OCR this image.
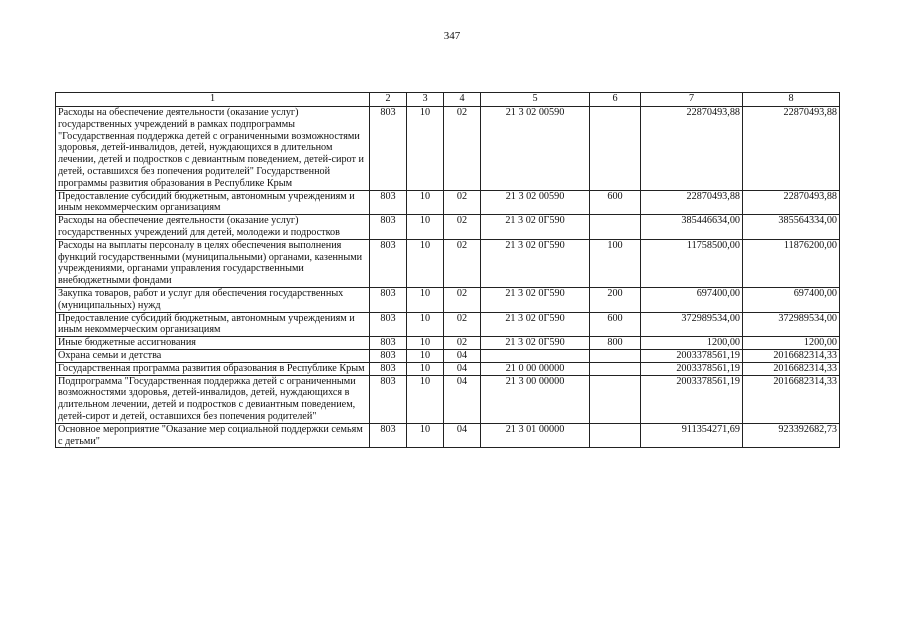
347
1	2	3	4	5	6	7	8
Расходы на обеспечение деятельности (оказание услуг) государственных учреждений в рамках подпрограммы "Государственная поддержка детей с ограниченными возможностями здоровья, детей-инвалидов, детей, нуждающихся в длительном лечении, детей и подростков с девиантным поведением, детей-сирот и детей, оставшихся без попечения родителей" Государственной программы развития образования в Республике Крым	803	10	02	21 3 02 00590		22870493,88	22870493,88
Предоставление субсидий бюджетным, автономным учреждениям и иным некоммерческим организациям	803	10	02	21 3 02 00590	600	22870493,88	22870493,88
Расходы на обеспечение деятельности (оказание услуг) государственных учреждений для детей, молодежи и подростков	803	10	02	21 3 02 0Г590		385446634,00	385564334,00
Расходы на выплаты персоналу в целях обеспечения выполнения функций государственными (муниципальными) органами, казенными учреждениями, органами управления государственными внебюджетными фондами	803	10	02	21 3 02 0Г590	100	11758500,00	11876200,00
Закупка товаров, работ и услуг для обеспечения государственных (муниципальных) нужд	803	10	02	21 3 02 0Г590	200	697400,00	697400,00
Предоставление субсидий бюджетным, автономным учреждениям и иным некоммерческим организациям	803	10	02	21 3 02 0Г590	600	372989534,00	372989534,00
Иные бюджетные ассигнования	803	10	02	21 3 02 0Г590	800	1200,00	1200,00
Охрана семьи и детства	803	10	04			2003378561,19	2016682314,33
Государственная программа развития образования в Республике Крым	803	10	04	21 0 00 00000		2003378561,19	2016682314,33
Подпрограмма "Государственная поддержка детей с ограниченными возможностями здоровья, детей-инвалидов, детей, нуждающихся в длительном лечении, детей и подростков с девиантным поведением, детей-сирот и детей, оставшихся без попечения родителей"	803	10	04	21 3 00 00000		2003378561,19	2016682314,33
Основное мероприятие "Оказание мер социальной поддержки семьям с детьми"	803	10	04	21 3 01 00000		911354271,69	923392682,73
